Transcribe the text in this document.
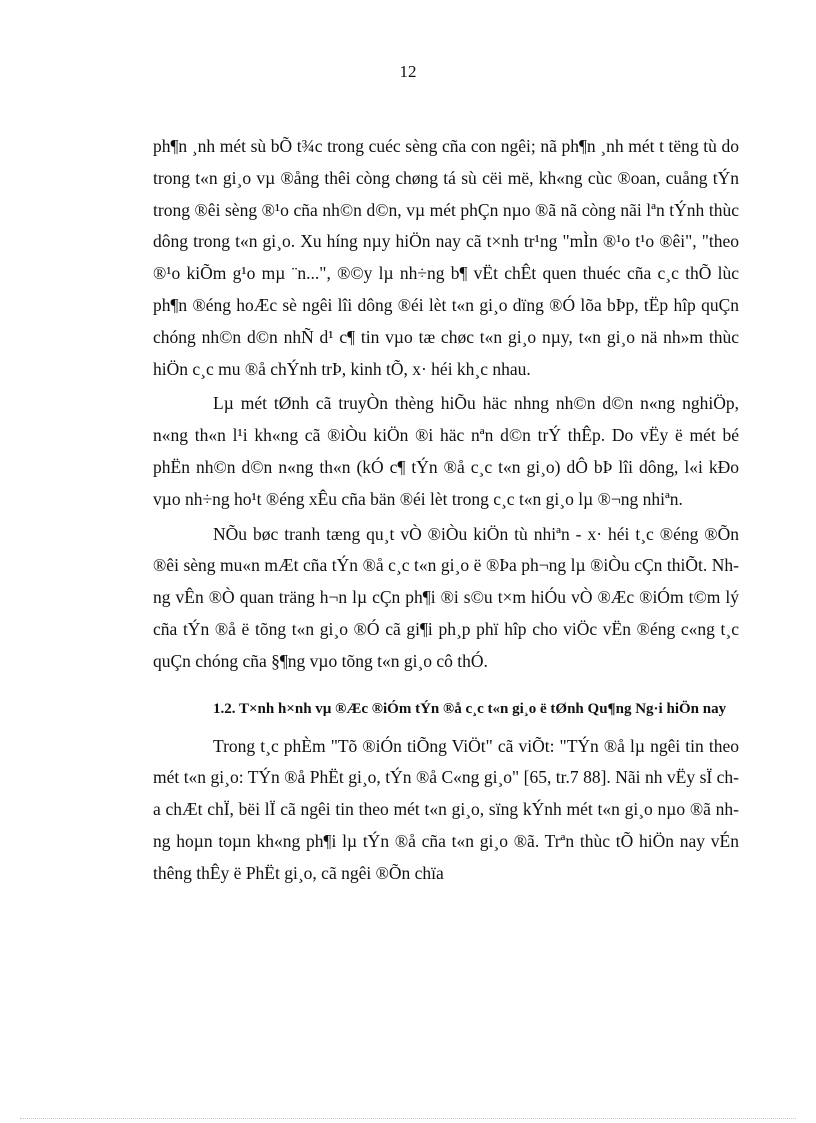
12

ph¶n ¸nh mét sù bÕ t¾c trong cuéc sèng cña con ngêi; nã ph¶n ¸nh mét t tëng tù do trong t«n gi¸o vµ ®ång thêi còng chøng tá sù cëi më, kh«ng cùc ®oan, cuång tÝn trong ®êi sèng ®¹o cña nh©n d©n, vµ mét phÇn nµo ®ã nã còng nãi lªn tÝnh thùc dông trong t«n gi¸o. Xu híng nµy hiÖn nay cã t×nh tr¹ng "mÌn ®¹o t¹o ®êi", "theo ®¹o kiÕm g¹o mµ ¨n...", ®©y lµ nh÷ng b¶ vËt chÊt quen thuéc cña c¸c thÕ lùc ph¶n ®éng hoÆc sè ngêi lîi dông ®éi lèt t«n gi¸o dïng ®Ó lõa bÞp, tËp hîp quÇn chóng nh©n d©n nhÑ d¹ c¶ tin vµo tæ chøc t«n gi¸o nµy, t«n gi¸o nä nh»m thùc hiÖn c¸c mu ®å chÝnh trÞ, kinh tÕ, x· héi kh¸c nhau.

Lµ mét tØnh cã truyÒn thèng hiÕu häc nhng nh©n d©n n«ng nghiÖp, n«ng th«n l¹i kh«ng cã ®iÒu kiÖn ®i häc nªn d©n trÝ thÊp. Do vËy ë mét bé phËn nh©n d©n n«ng th«n (kÓ c¶ tÝn ®å c¸c t«n gi¸o) dÔ bÞ lîi dông, l«i kÐo vµo nh÷ng ho¹t ®éng xÊu cña bän ®éi lèt trong c¸c t«n gi¸o lµ ®¬ng nhiªn.

NÕu bøc tranh tæng qu¸t vÒ ®iÒu kiÖn tù nhiªn - x· héi t¸c ®éng ®Õn ®êi sèng mu«n mÆt cña tÝn ®å c¸c t«n gi¸o ë ®Þa ph¬ng lµ ®iÒu cÇn thiÕt. Nhng vÊn ®Ò quan träng h¬n lµ cÇn ph¶i ®i s©u t×m hiÓu vÒ ®Æc ®iÓm t©m lý cña tÝn ®å ë tõng t«n gi¸o ®Ó cã gi¶i ph¸p phï hîp cho viÖc vËn ®éng c«ng t¸c quÇn chóng cña §¶ng vµo tõng t«n gi¸o cô thÓ.

1.2. T×nh h×nh vµ ®Æc ®iÓm tÝn ®å c¸c t«n gi¸o ë tØnh Qu¶ng Ng·i hiÖn nay

Trong t¸c phÈm "Tõ ®iÓn tiÕng ViÖt" cã viÕt: "TÝn ®å lµ ngêi tin theo mét t«n gi¸o: TÝn ®å PhËt gi¸o, tÝn ®å C«ng gi¸o" [65, tr.7 88]. Nãi nh vËy sÏ cha chÆt chÏ, bëi lÏ cã ngêi tin theo mét t«n gi¸o, sïng kÝnh mét t«n gi¸o nµo ®ã nhng hoµn toµn kh«ng ph¶i lµ tÝn ®å cña t«n gi¸o ®ã. Trªn thùc tÕ hiÖn nay vÉn thêng thÊy ë PhËt gi¸o, cã ngêi ®Õn chïa
